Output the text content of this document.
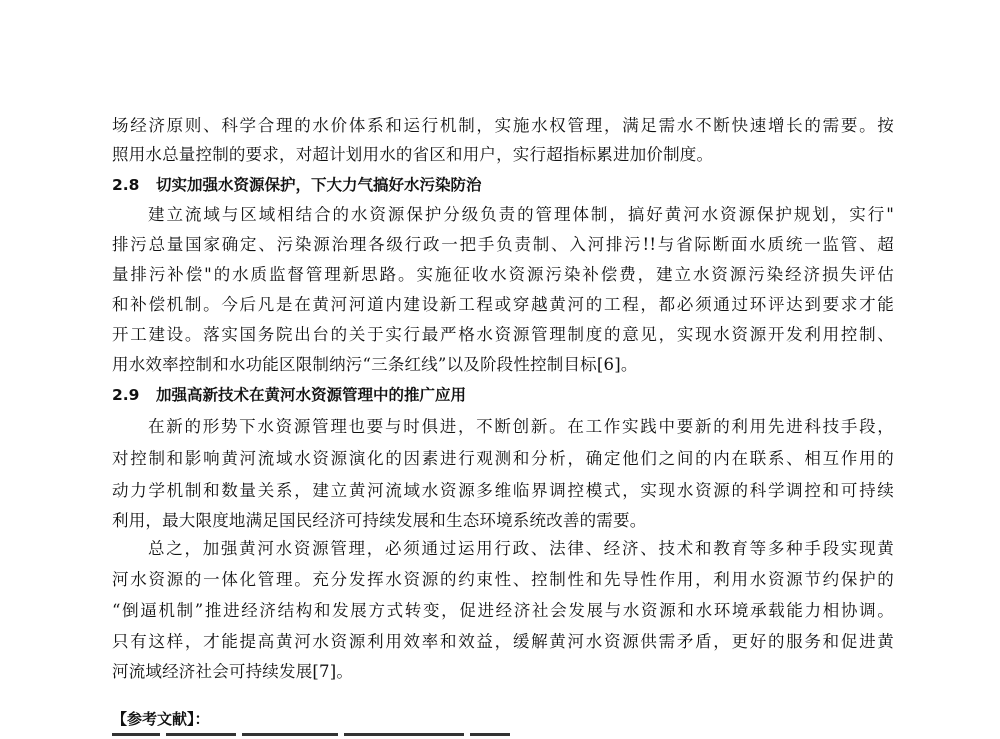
场经济原则、科学合理的水价体系和运行机制，实施水权管理，满足需水不断快速增长的需要。按
照用水总量控制的要求，对超计划用水的省区和用户，实行超指标累进加价制度。
2.8 切实加强水资源保护，下大力气搞好水污染防治
建立流域与区域相结合的水资源保护分级负责的管理体制，搞好黄河水资源保护规划，实行"
排污总量国家确定、污染源治理各级行政一把手负责制、入河排污!!与省际断面水质统一监管、超
量排污补偿"的水质监督管理新思路。实施征收水资源污染补偿费，建立水资源污染经济损失评估
和补偿机制。今后凡是在黄河河道内建设新工程或穿越黄河的工程，都必须通过环评达到要求才能
开工建设。落实国务院出台的关于实行最严格水资源管理制度的意见，实现水资源开发利用控制、
用水效率控制和水功能区限制纳污“三条红线”以及阶段性控制目标[6]。
2.9 加强高新技术在黄河水资源管理中的推广应用
在新的形势下水资源管理也要与时俱进，不断创新。在工作实践中要新的利用先进科技手段，
对控制和影响黄河流域水资源演化的因素进行观测和分析，确定他们之间的内在联系、相互作用的
动力学机制和数量关系，建立黄河流域水资源多维临界调控模式，实现水资源的科学调控和可持续
利用，最大限度地满足国民经济可持续发展和生态环境系统改善的需要。
总之，加强黄河水资源管理，必须通过运用行政、法律、经济、技术和教育等多种手段实现黄
河水资源的一体化管理。充分发挥水资源的约束性、控制性和先导性作用，利用水资源节约保护的
“倒逼机制”推进经济结构和发展方式转变，促进经济社会发展与水资源和水环境承载能力相协调。
只有这样，才能提高黄河水资源利用效率和效益，缓解黄河水资源供需矛盾，更好的服务和促进黄
河流域经济社会可持续发展[7]。
【参考文献】：
